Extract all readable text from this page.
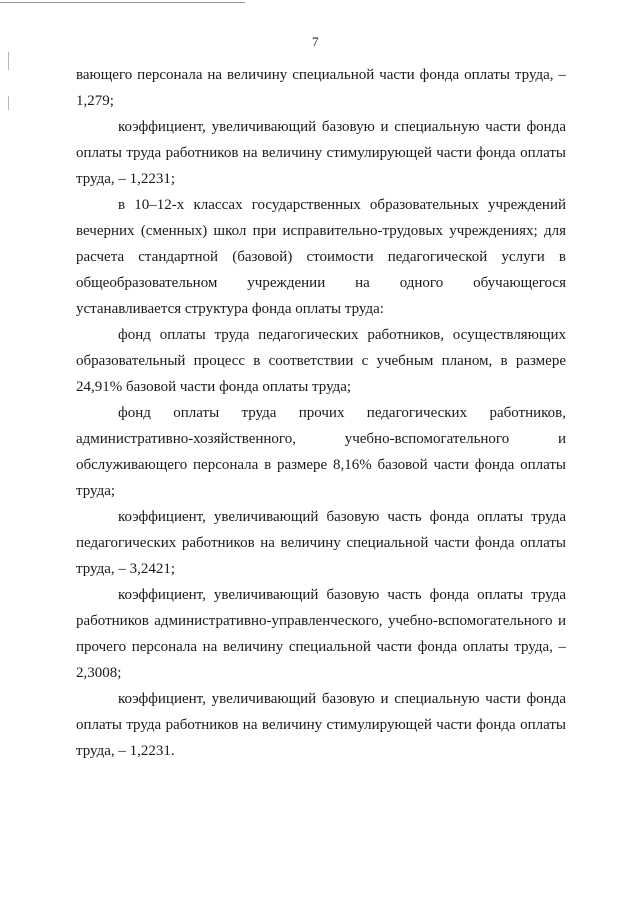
7

вающего персонала на величину специальной части фонда оплаты труда, – 1,279;

коэффициент, увеличивающий базовую и специальную части фонда оплаты труда работников на величину стимулирующей части фонда оплаты труда, – 1,2231;

в 10–12-х классах государственных образовательных учреждений вечерних (сменных) школ при исправительно-трудовых учреждениях; для расчета стандартной (базовой) стоимости педагогической услуги в общеобразовательном учреждении на одного обучающегося устанавливается структура фонда оплаты труда:

фонд оплаты труда педагогических работников, осуществляющих образовательный процесс в соответствии с учебным планом, в размере 24,91% базовой части фонда оплаты труда;

фонд оплаты труда прочих педагогических работников, административно-хозяйственного, учебно-вспомогательного и обслуживающего персонала в размере 8,16% базовой части фонда оплаты труда;

коэффициент, увеличивающий базовую часть фонда оплаты труда педагогических работников на величину специальной части фонда оплаты труда, – 3,2421;

коэффициент, увеличивающий базовую часть фонда оплаты труда работников административно-управленческого, учебно-вспомогательного и прочего персонала на величину специальной части фонда оплаты труда, – 2,3008;

коэффициент, увеличивающий базовую и специальную части фонда оплаты труда работников на величину стимулирующей части фонда оплаты труда, – 1,2231.
